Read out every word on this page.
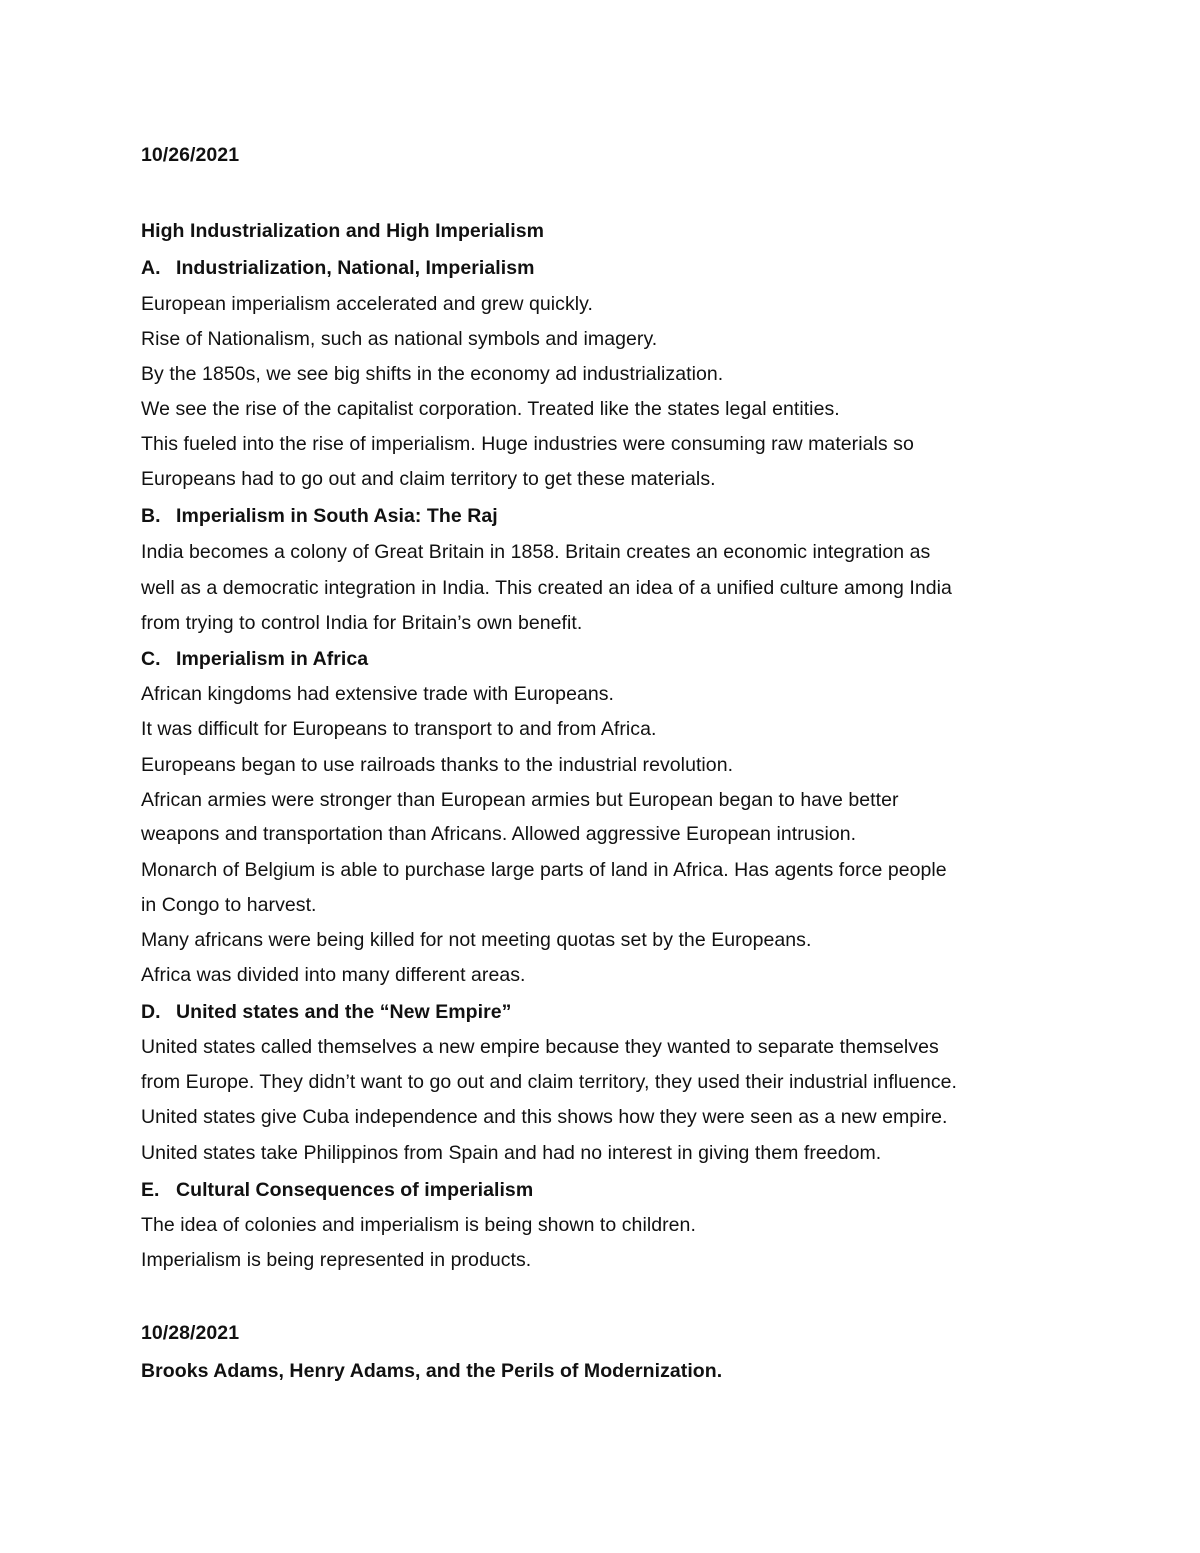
10/26/2021
High Industrialization and High Imperialism
A. Industrialization, National, Imperialism
European imperialism accelerated and grew quickly.
Rise of Nationalism, such as national symbols and imagery.
By the 1850s, we see big shifts in the economy ad industrialization.
We see the rise of the capitalist corporation. Treated like the states legal entities.
This fueled into the rise of imperialism. Huge industries were consuming raw materials so
Europeans had to go out and claim territory to get these materials.
B. Imperialism in South Asia: The Raj
India becomes a colony of Great Britain in 1858. Britain creates an economic integration as
well as a democratic integration in India. This created an idea of a unified culture among India
from trying to control India for Britain’s own benefit.
C. Imperialism in Africa
African kingdoms had extensive trade with Europeans.
It was difficult for Europeans to transport to and from Africa.
Europeans began to use railroads thanks to the industrial revolution.
African armies were stronger than European armies but European began to have better
weapons and transportation than Africans. Allowed aggressive European intrusion.
Monarch of Belgium is able to purchase large parts of land in Africa. Has agents force people
in Congo to harvest.
Many africans were being killed for not meeting quotas set by the Europeans.
Africa was divided into many different areas.
D. United states and the “New Empire”
United states called themselves a new empire because they wanted to separate themselves
from Europe. They didn’t want to go out and claim territory, they used their industrial influence.
United states give Cuba independence and this shows how they were seen as a new empire.
United states take Philippinos from Spain and had no interest in giving them freedom.
E. Cultural Consequences of imperialism
The idea of colonies and imperialism is being shown to children.
Imperialism is being represented in products.
10/28/2021
Brooks Adams, Henry Adams, and the Perils of Modernization.
